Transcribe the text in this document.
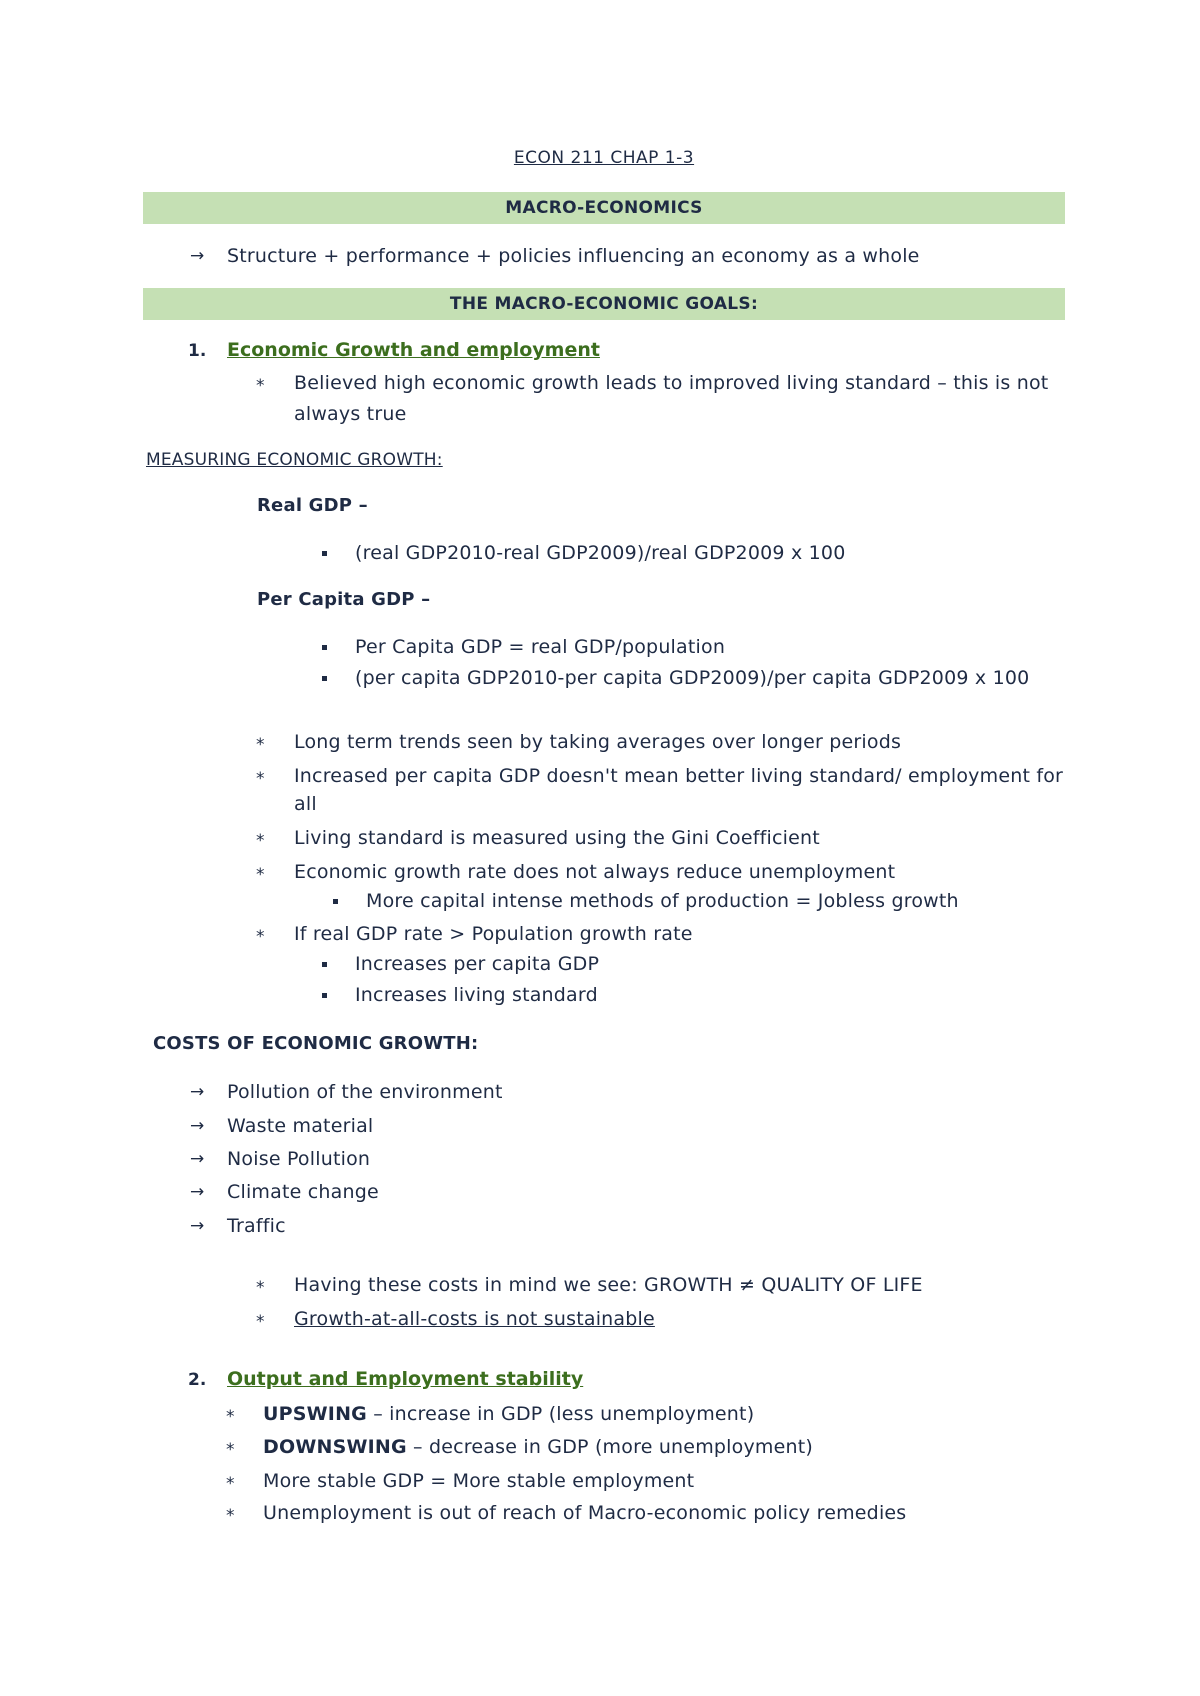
ECON 211 CHAP 1-3
MACRO-ECONOMICS
→ Structure + performance + policies influencing an economy as a whole
THE MACRO-ECONOMIC GOALS:
1. Economic Growth and employment
* Believed high economic growth leads to improved living standard – this is not
always true
MEASURING ECONOMIC GROWTH:
Real GDP –
(real GDP2010-real GDP2009)/real GDP2009 x 100
Per Capita GDP –
Per Capita GDP = real GDP/population
(per capita GDP2010-per capita GDP2009)/per capita GDP2009 x 100
* Long term trends seen by taking averages over longer periods
* Increased per capita GDP doesn't mean better living standard/ employment for
all
* Living standard is measured using the Gini Coefficient
* Economic growth rate does not always reduce unemployment
More capital intense methods of production = Jobless growth
* If real GDP rate > Population growth rate
Increases per capita GDP
Increases living standard
COSTS OF ECONOMIC GROWTH:
→ Pollution of the environment
→ Waste material
→ Noise Pollution
→ Climate change
→ Traffic
* Having these costs in mind we see: GROWTH ≠ QUALITY OF LIFE
* Growth-at-all-costs is not sustainable
2. Output and Employment stability
* UPSWING – increase in GDP (less unemployment)
* DOWNSWING – decrease in GDP (more unemployment)
* More stable GDP = More stable employment
* Unemployment is out of reach of Macro-economic policy remedies
